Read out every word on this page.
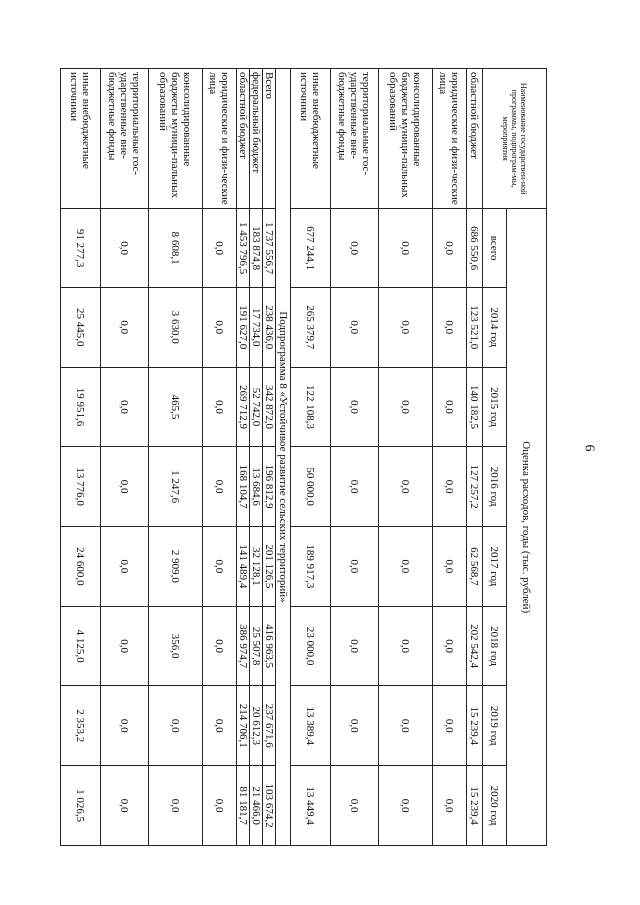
6
Наименование государствен-ной программы, подпрограм-мы, мероприятия	Оценка расходов, годы (тыс. рублей)							
	всего	2014 год	2015 год	2016 год	2017 год	2018 год	2019 год	2020 год
областной бюджет	686 550,6	123 521,0	140 182,5	127 257,2	62 568,7	202 542,4	15 239,4	15 239,4
юридические и физи-ческие лица	0,0	0,0	0,0	0,0	0,0	0,0	0,0	0,0
консолидированные бюджеты муници-пальных образований	0,0	0,0	0,0	0,0	0,0	0,0	0,0	0,0
территориальные гос-ударственные вне-бюджетные фонды	0,0	0,0	0,0	0,0	0,0	0,0	0,0	0,0
иные внебюджетные источники	677 244,1	265 379,7	122 108,3	50 000,0	189 917,3	23 000,0	13 389,4	13 449,4
Подпрограмма 8 «Устойчивое развитие сельских территорий»								
Всего	1 737 556,7	238 436,0	342 872,0	196 812,9	201 126,5	416 963,5	237 671,6	103 674,2
федеральный бюджет	183 874,8	17 734,0	52 742,0	13 684,6	32 128,1	25 507,8	20 612,3	21 466,0
областной бюджет	1 453 796,5	191 627,0	269 712,9	168 104,7	141 489,4	386 974,7	214 706,1	81 181,7
юридические и физи-ческие лица	0,0	0,0	0,0	0,0	0,0	0,0	0,0	0,0
консолидированные бюджеты муници-пальных образований	8 608,1	3 630,0	465,5	1 247,6	2 909,0	356,0	0,0	0,0
территориальные гос-ударственные вне-бюджетные фонды	0,0	0,0	0,0	0,0	0,0	0,0	0,0	0,0
иные внебюджетные источники	91 277,3	25 445,0	19 951,6	13 776,0	24 600,0	4 125,0	2 353,2	1 026,5
